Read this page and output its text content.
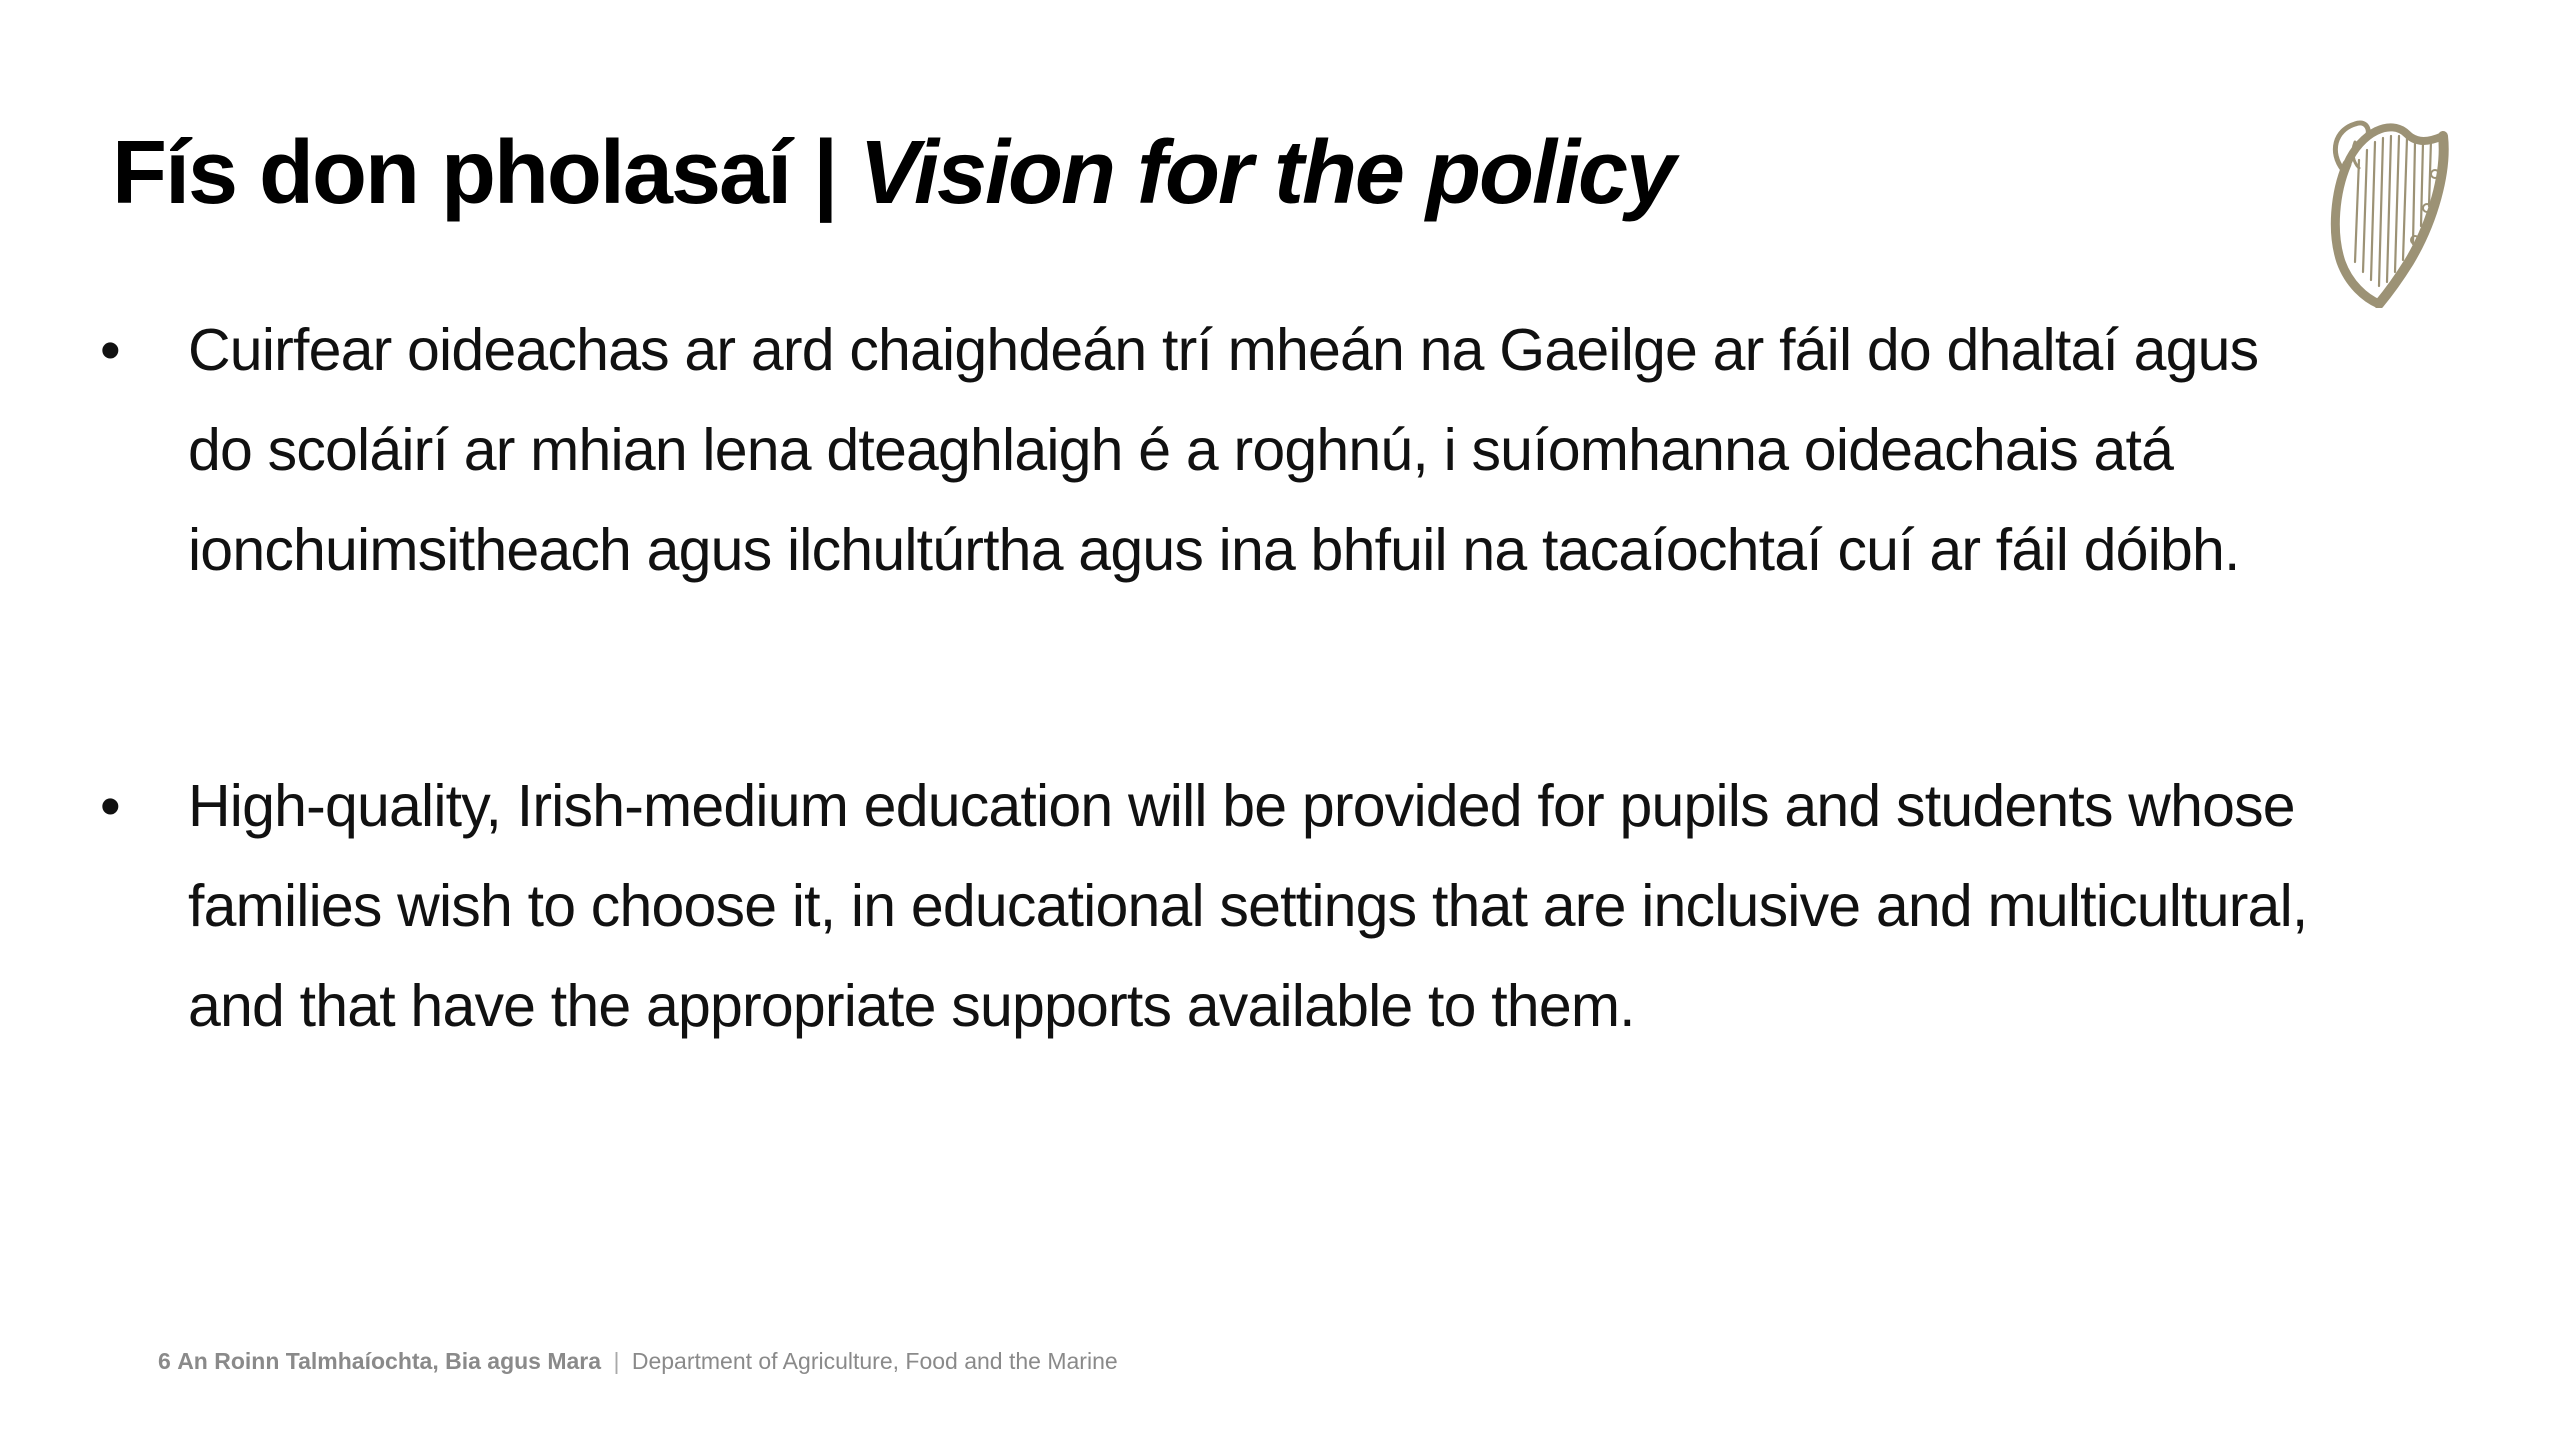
Fís don pholasaí | Vision for the policy
•	Cuirfear oideachas ar ard chaighdeán trí mheán na Gaeilge ar fáil do dhaltaí agus do scoláirí ar mhian lena dteaghlaigh é a roghnú, i suíomhanna oideachais atá ionchuimsitheach agus ilchultúrtha agus ina bhfuil na tacaíochtaí cuí ar fáil dóibh.
•	High-quality, Irish-medium education will be provided for pupils and students whose families wish to choose it, in educational settings that are inclusive and multicultural, and that have the appropriate supports available to them.
6 An Roinn Talmhaíochta, Bia agus Mara | Department of Agriculture, Food and the Marine
